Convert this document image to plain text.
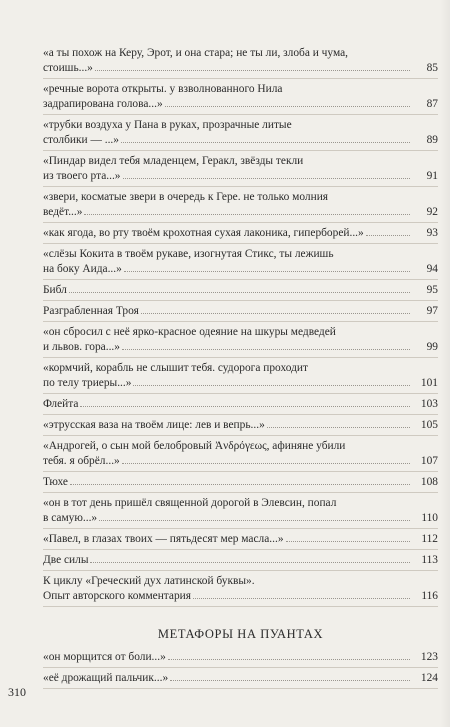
«а ты похож на Керу, Эрот, и она стара; не ты ли, злоба и чума,
стоишь...»	85
«речные ворота открыты. у взволнованного Нила
задрапирована голова...»	87
«трубки воздуха у Пана в руках, прозрачные литые
столбики — ...»	89
«Пиндар видел тебя младенцем, Геракл, звёзды текли
из твоего рта...»	91
«звери, косматые звери в очередь к Гере. не только молния
ведёт...»	92
«как ягода, во рту твоём крохотная сухая лаконика, гиперборей...»	93
«слёзы Кокита в твоём рукаве, изогнутая Стикс, ты лежишь
на боку Аида...»	94
Библ	95
Разграбленная Троя	97
«он сбросил с неё ярко-красное одеяние на шкуры медведей
и львов. гора...»	99
«кормчий, корабль не слышит тебя. судорога проходит
по телу триеры...»	101
Флейта	103
«этрусская ваза на твоём лице: лев и вепрь...»	105
«Андрогей, о сын мой белобровый Ἀνδρόγεως, афиняне убили
тебя. я обрёл...»	107
Тюхе	108
«он в тот день пришёл священной дорогой в Элевсин, попал
в самую...»	110
«Павел, в глазах твоих — пятьдесят мер масла...»	112
Две силы	113
К циклу «Греческий дух латинской буквы».
Опыт авторского комментария	116
МЕТАФОРЫ НА ПУАНТАХ
«он морщится от боли...»	123
«её дрожащий пальчик...»	124
310
